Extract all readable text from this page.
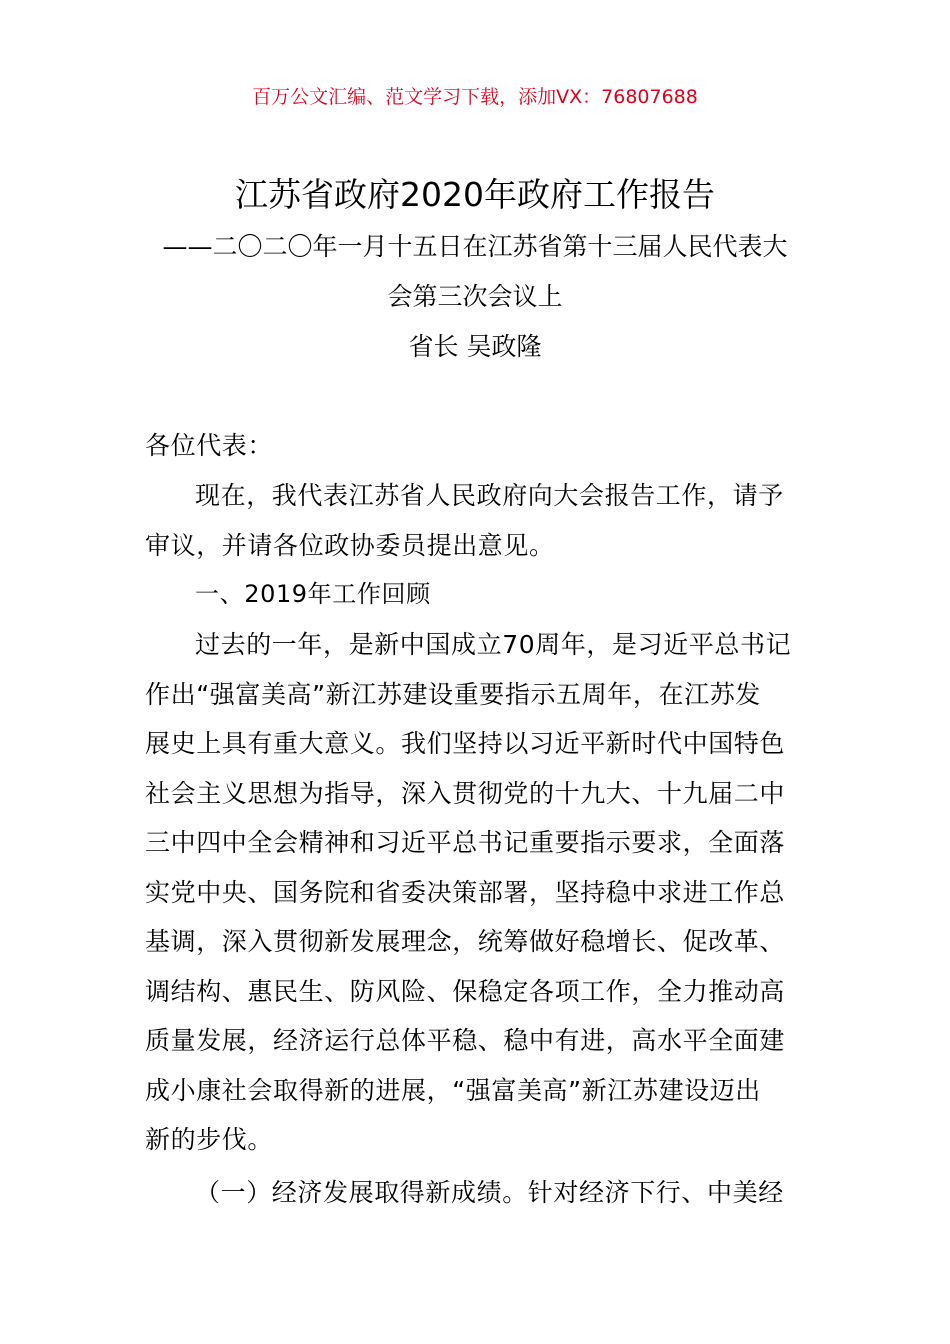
百万公文汇编、范文学习下载，添加VX：76807688
江苏省政府2020年政府工作报告
——二〇二〇年一月十五日在江苏省第十三届人民代表大
会第三次会议上
省长 吴政隆
各位代表：
现在，我代表江苏省人民政府向大会报告工作，请予
审议，并请各位政协委员提出意见。
一、2019年工作回顾
过去的一年，是新中国成立70周年，是习近平总书记
作出“强富美高”新江苏建设重要指示五周年，在江苏发
展史上具有重大意义。我们坚持以习近平新时代中国特色
社会主义思想为指导，深入贯彻党的十九大、十九届二中
三中四中全会精神和习近平总书记重要指示要求，全面落
实党中央、国务院和省委决策部署，坚持稳中求进工作总
基调，深入贯彻新发展理念，统筹做好稳增长、促改革、
调结构、惠民生、防风险、保稳定各项工作，全力推动高
质量发展，经济运行总体平稳、稳中有进，高水平全面建
成小康社会取得新的进展，“强富美高”新江苏建设迈出
新的步伐。
（一）经济发展取得新成绩。针对经济下行、中美经
